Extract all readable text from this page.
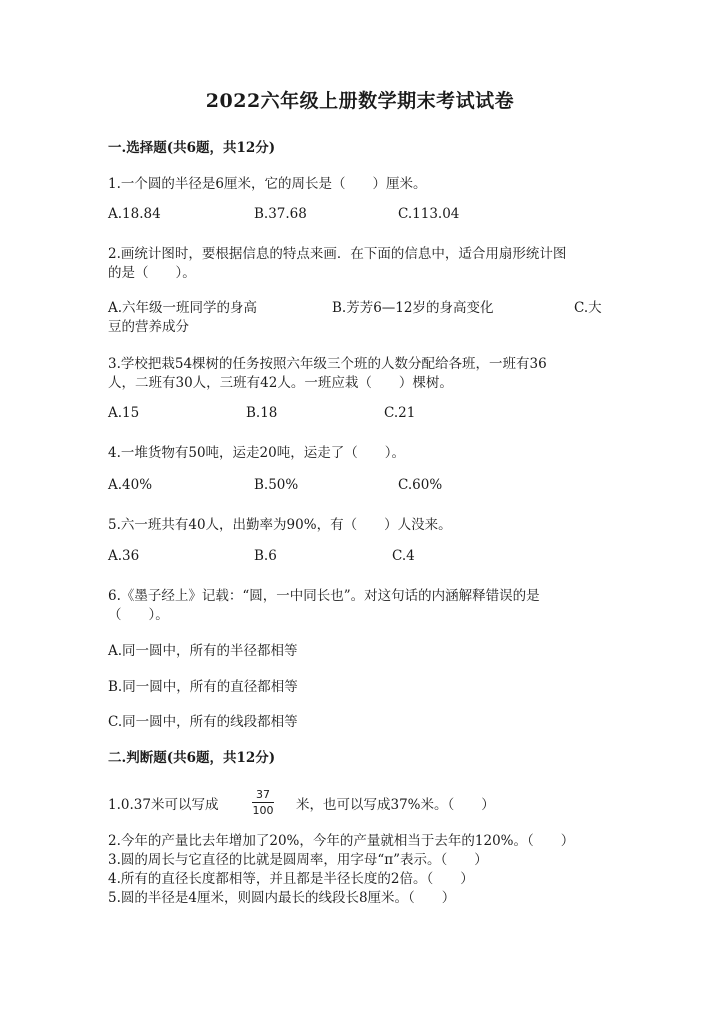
2022六年级上册数学期末考试试卷
一.选择题(共6题，共12分)
1.一个圆的半径是6厘米，它的周长是（　　）厘米。
A.18.84	B.37.68	C.113.04
2.画统计图时，要根据信息的特点来画．在下面的信息中，适合用扇形统计图
的是（　　）。
A.六年级一班同学的身高	B.芳芳6—12岁的身高变化	C.大
豆的营养成分
3.学校把栽54棵树的任务按照六年级三个班的人数分配给各班，一班有36
人，二班有30人，三班有42人。一班应栽（　　）棵树。
A.15	B.18	C.21
4.一堆货物有50吨，运走20吨，运走了（　　）。
A.40%	B.50%	C.60%
5.六一班共有40人，出勤率为90%，有（　　）人没来。
A.36	B.6	C.4
6.《墨子经上》记载：“圆，一中同长也”。对这句话的内涵解释错误的是
（　　）。
A.同一圆中，所有的半径都相等
B.同一圆中，所有的直径都相等
C.同一圆中，所有的线段都相等
二.判断题(共6题，共12分)
1.0.37米可以写成
37
100 米，也可以写成37%米。（　　）
2.今年的产量比去年增加了20%，今年的产量就相当于去年的120%。（　　）
3.圆的周长与它直径的比就是圆周率，用字母“π”表示。（　　）
4.所有的直径长度都相等，并且都是半径长度的2倍。（　　）
5.圆的半径是4厘米，则圆内最长的线段长8厘米。（　　）
